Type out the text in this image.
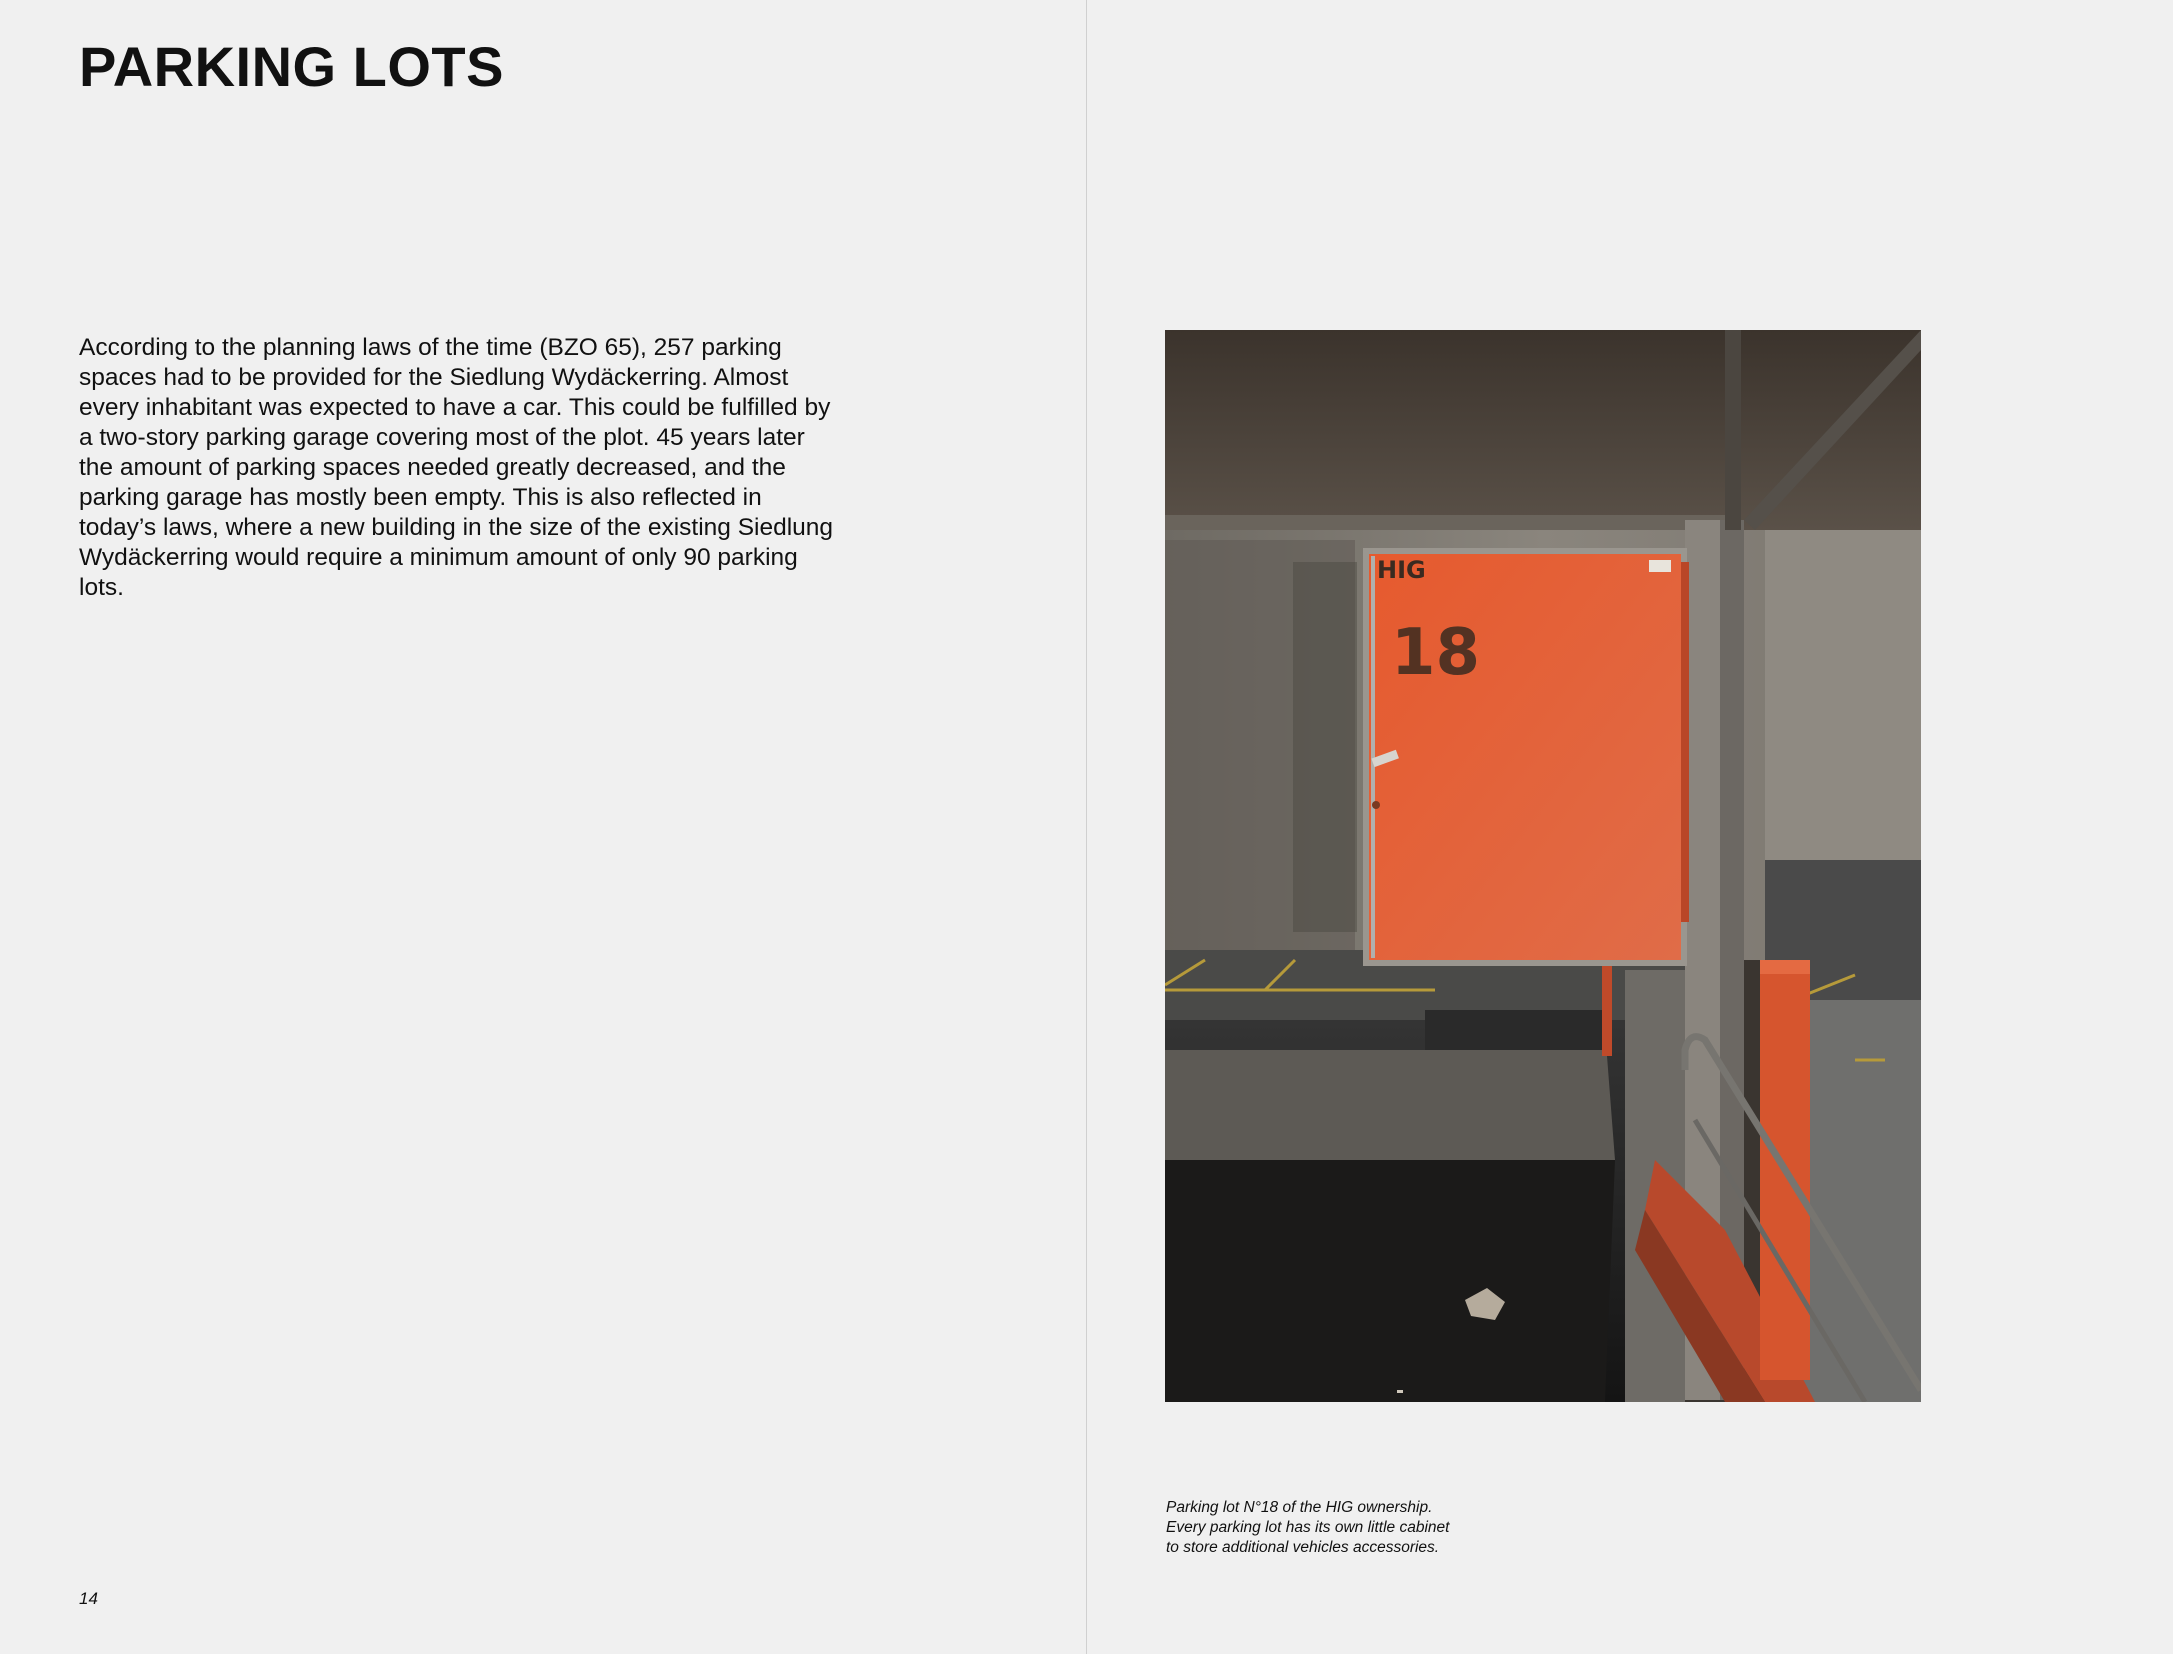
PARKING LOTS

According to the planning laws of the time (BZO 65), 257 parking spaces had to be provided for the Siedlung Wydäckerring. Almost every inhabitant was expected to have a car. This could be fulfilled by a two-story parking garage covering most of the plot. 45 years later the amount of parking spaces needed greatly decreased, and the parking garage has mostly been empty. This is also reflected in today’s laws, where a new building in the size of the existing Siedlung Wydäckerring would require a minimum amount of only 90 parking lots.

14
HIG
18

Parking lot N°18 of the HIG ownership. Every parking lot has its own little cabinet to store additional vehicles accessories.
